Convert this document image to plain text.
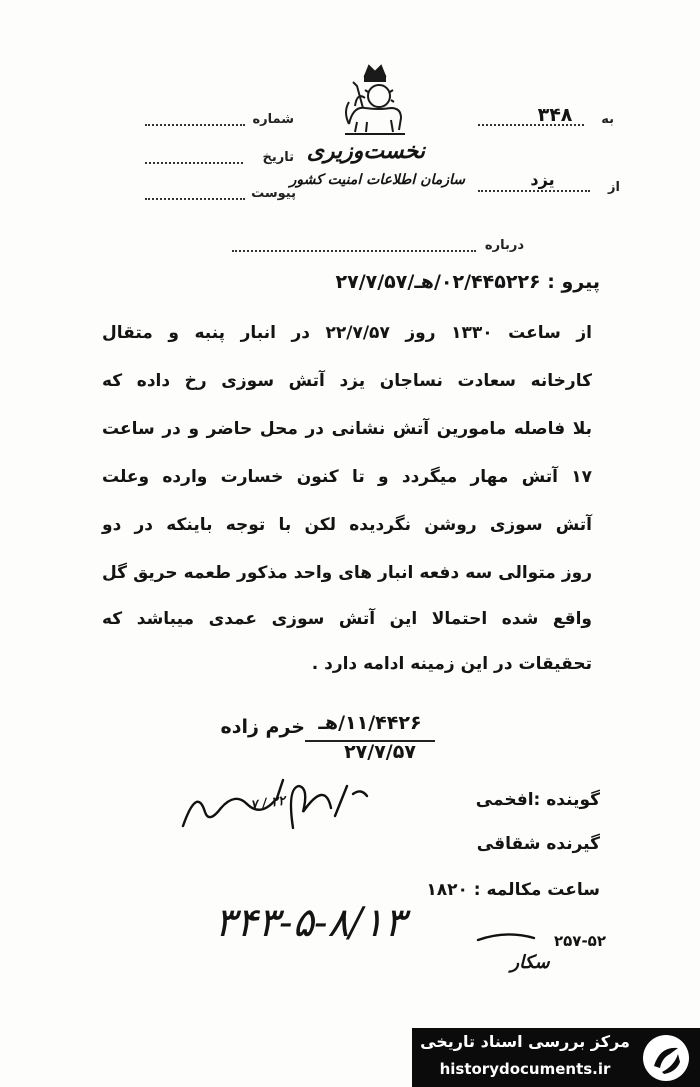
نخست‌وزیری
سازمان اطلاعات امنیت کشور
شماره
تاریخ
پیوست
به
۳۴۸
از
یزد
درباره
پیرو : ۰۲/۴۴۵۲۲۶/هـ/۲۷/۷/۵۷
از ساعت ۱۳۳۰ روز ۲۲/۷/۵۷ در انبار پنبه و متقال
کارخانه سعادت نساجان یزد آتش سوزی رخ داده که
بلا فاصله مامورین آتش نشانی در محل حاضر و در ساعت
۱۷ آتش مهار میگردد و تا کنون خسارت وارده وعلت
آتش سوزی روشن نگردیده لکن با توجه باینکه در دو
روز متوالی سه دفعه انبار های واحد مذکور طعمه حریق گل
واقع شده احتمالا این آتش سوزی عمدی میباشد که
تحقیقات در این زمینه ادامه دارد .
۱۱/۴۴۲۶/هـ
خرم زاده
۲۷/۷/۵۷
۲۲ / ۷	گوینده :افخمی
گیرنده شقاقی
ساعت مکالمه : ۱۸۲۰
۳۴۳-۵-۸/۱۳	۲۵۷-۵۲
سکار
مرکز بررسی اسناد تاریخی
historydocuments.ir
